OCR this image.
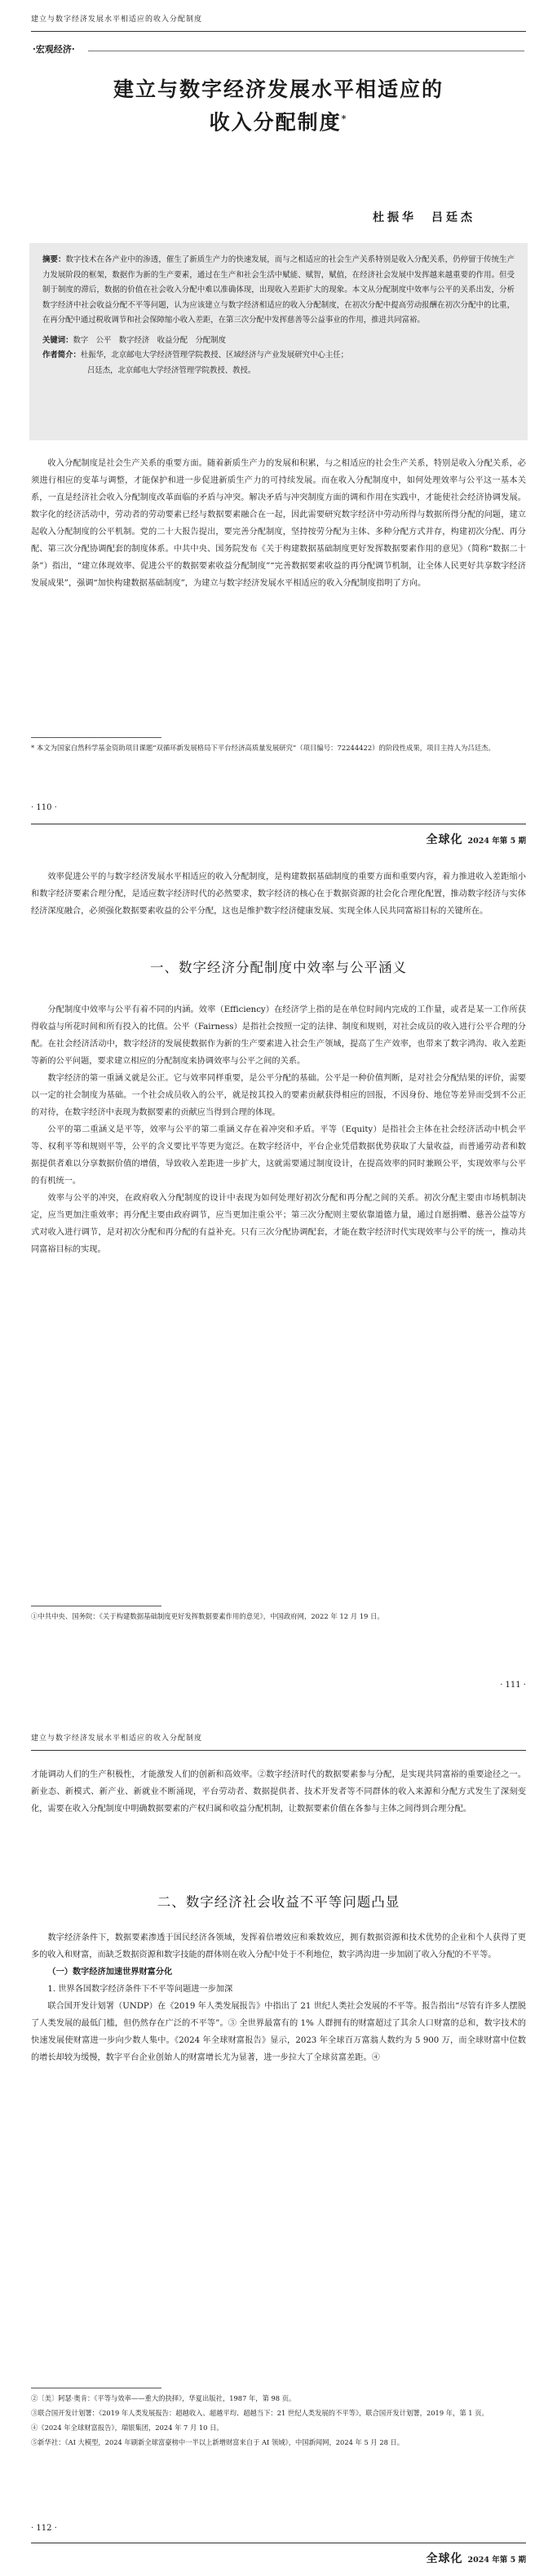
建立与数字经济发展水平相适应的收入分配制度
·宏观经济·
建立与数字经济发展水平相适应的
收入分配制度*
杜振华　吕廷杰

摘要：数字技术在各产业中的渗透，催生了新质生产力的快速发展，而与之相适应的社会生产关系特别是收入分配关系，仍停留于传统生产力发展阶段的框架，数据作为新的生产要素，通过在生产和社会生活中赋能、赋智，赋值，在经济社会发展中发挥越来越重要的作用。但受制于制度的滞后，数据的价值在社会收入分配中难以准确体现，出现收入差距扩大的现象。本文从分配制度中效率与公平的关系出发，分析数字经济中社会收益分配不平等问题，认为应该建立与数字经济相适应的收入分配制度，在初次分配中提高劳动报酬在初次分配中的比重，在再分配中通过税收调节和社会保障缩小收入差距，在第三次分配中发挥慈善等公益事业的作用，推进共同富裕。

关键词：数字　公平　数字经济　收益分配　分配制度

作者简介：杜振华，北京邮电大学经济管理学院教授、区域经济与产业发展研究中心主任；

吕廷杰，北京邮电大学经济管理学院教授、教授。

收入分配制度是社会生产关系的重要方面。随着新质生产力的发展和积累，与之相适应的社会生产关系，特别是收入分配关系，必须进行相应的变革与调整，才能保护和进一步促进新质生产力的可持续发展。而在收入分配制度中，如何处理效率与公平这一基本关系，一直是经济社会收入分配制度改革面临的矛盾与冲突。解决矛盾与冲突制度方面的调和作用在实践中，才能使社会经济协调发展。数字化的经济活动中，劳动者的劳动要素已经与数据要素融合在一起，因此需要研究数字经济中劳动所得与数据所得分配的问题，建立起收入分配制度的公平机制。党的二十大报告提出，要完善分配制度，坚持按劳分配为主体、多种分配方式并存，构建初次分配、再分配、第三次分配协调配套的制度体系。中共中央、国务院发布《关于构建数据基础制度更好发挥数据要素作用的意见》（简称“数据二十条”）指出，“建立体现效率、促进公平的数据要素收益分配制度”“完善数据要素收益的再分配调节机制，让全体人民更好共享数字经济发展成果”，强调“加快构建数据基础制度”，为建立与数字经济发展水平相适应的收入分配制度指明了方向。

* 本文为国家自然科学基金资助项目课题“双循环新发展格局下平台经济高质量发展研究”（项目编号：72244422）的阶段性成果，项目主持人为吕廷杰。
· 110 ·
全球化 2024 年第 5 期

效率促进公平的与数字经济发展水平相适应的收入分配制度，是构建数据基础制度的重要方面和重要内容，着力推进收入差距缩小和数字经济要素合理分配，是适应数字经济时代的必然要求，数字经济的核心在于数据资源的社会化合理化配置，推动数字经济与实体经济深度融合，必须强化数据要素收益的公平分配，这也是维护数字经济健康发展、实现全体人民共同富裕目标的关键所在。

一、数字经济分配制度中效率与公平涵义

分配制度中效率与公平有着不同的内涵。效率（Efficiency）在经济学上指的是在单位时间内完成的工作量，或者是某一工作所获得收益与所花时间和所有投入的比值。公平（Fairness）是指社会按照一定的法律、制度和规则，对社会成员的收入进行公平合理的分配。在社会经济活动中，数字经济的发展使数据作为新的生产要素进入社会生产领域，提高了生产效率，也带来了数字鸿沟、收入差距等新的公平问题，要求建立相应的分配制度来协调效率与公平之间的关系。

数字经济的第一重涵义就是公正。它与效率同样重要，是公平分配的基础。公平是一种价值判断，是对社会分配结果的评价，需要以一定的社会制度为基础。一个社会成员收入的公平，就是按其投入的要素贡献获得相应的回报，不因身份、地位等差异而受到不公正的对待，在数字经济中表现为数据要素的贡献应当得到合理的体现。

公平的第二重涵义是平等，效率与公平的第二重涵义存在着冲突和矛盾。平等（Equity）是指社会主体在社会经济活动中机会平等、权利平等和规则平等，公平的含义要比平等更为宽泛。在数字经济中，平台企业凭借数据优势获取了大量收益，而普通劳动者和数据提供者难以分享数据价值的增值，导致收入差距进一步扩大，这就需要通过制度设计，在提高效率的同时兼顾公平，实现效率与公平的有机统一。

效率与公平的冲突，在政府收入分配制度的设计中表现为如何处理好初次分配和再分配之间的关系。初次分配主要由市场机制决定，应当更加注重效率；再分配主要由政府调节，应当更加注重公平；第三次分配则主要依靠道德力量，通过自愿捐赠、慈善公益等方式对收入进行调节，是对初次分配和再分配的有益补充。只有三次分配协调配套，才能在数字经济时代实现效率与公平的统一，推动共同富裕目标的实现。

①中共中央、国务院：《关于构建数据基础制度更好发挥数据要素作用的意见》，中国政府网，2022 年 12 月 19 日。
· 111 ·
建立与数字经济发展水平相适应的收入分配制度

才能调动人们的生产积极性，才能激发人们的创新和高效率。②数字经济时代的数据要素参与分配，是实现共同富裕的重要途径之一。新业态、新模式、新产业、新就业不断涌现，平台劳动者、数据提供者、技术开发者等不同群体的收入来源和分配方式发生了深刻变化，需要在收入分配制度中明确数据要素的产权归属和收益分配机制，让数据要素价值在各参与主体之间得到合理分配。

二、数字经济社会收益不平等问题凸显

数字经济条件下，数据要素渗透于国民经济各领域，发挥着倍增效应和乘数效应，拥有数据资源和技术优势的企业和个人获得了更多的收入和财富，而缺乏数据资源和数字技能的群体则在收入分配中处于不利地位，数字鸿沟进一步加剧了收入分配的不平等。

（一）数字经济加速世界财富分化

1. 世界各国数字经济条件下不平等问题进一步加深

联合国开发计划署（UNDP）在《2019 年人类发展报告》中指出了 21 世纪人类社会发展的不平等。报告指出“尽管有许多人摆脱了人类发展的最低门槛，但仍然存在广泛的不平等”。③ 全世界最富有的 1% 人群拥有的财富超过了其余人口财富的总和，数字技术的快速发展使财富进一步向少数人集中。《2024 年全球财富报告》显示，2023 年全球百万富翁人数约为 5 900 万，而全球财富中位数的增长却较为缓慢，数字平台企业创始人的财富增长尤为显著，进一步拉大了全球贫富差距。④

②〔美〕阿瑟·奥肯：《平等与效率——重大的抉择》，华夏出版社，1987 年，第 98 页。

③联合国开发计划署：《2019 年人类发展报告：超越收入、超越平均、超越当下：21 世纪人类发展的不平等》，联合国开发计划署，2019 年，第 1 页。

④《2024 年全球财富报告》，瑞银集团，2024 年 7 月 10 日。

⑤新华社：《AI 大模型，2024 年刷新全球富豪榜中一半以上新增财富来自于 AI 领域》，中国新闻网，2024 年 5 月 28 日。

· 112 ·
全球化 2024 年第 5 期
